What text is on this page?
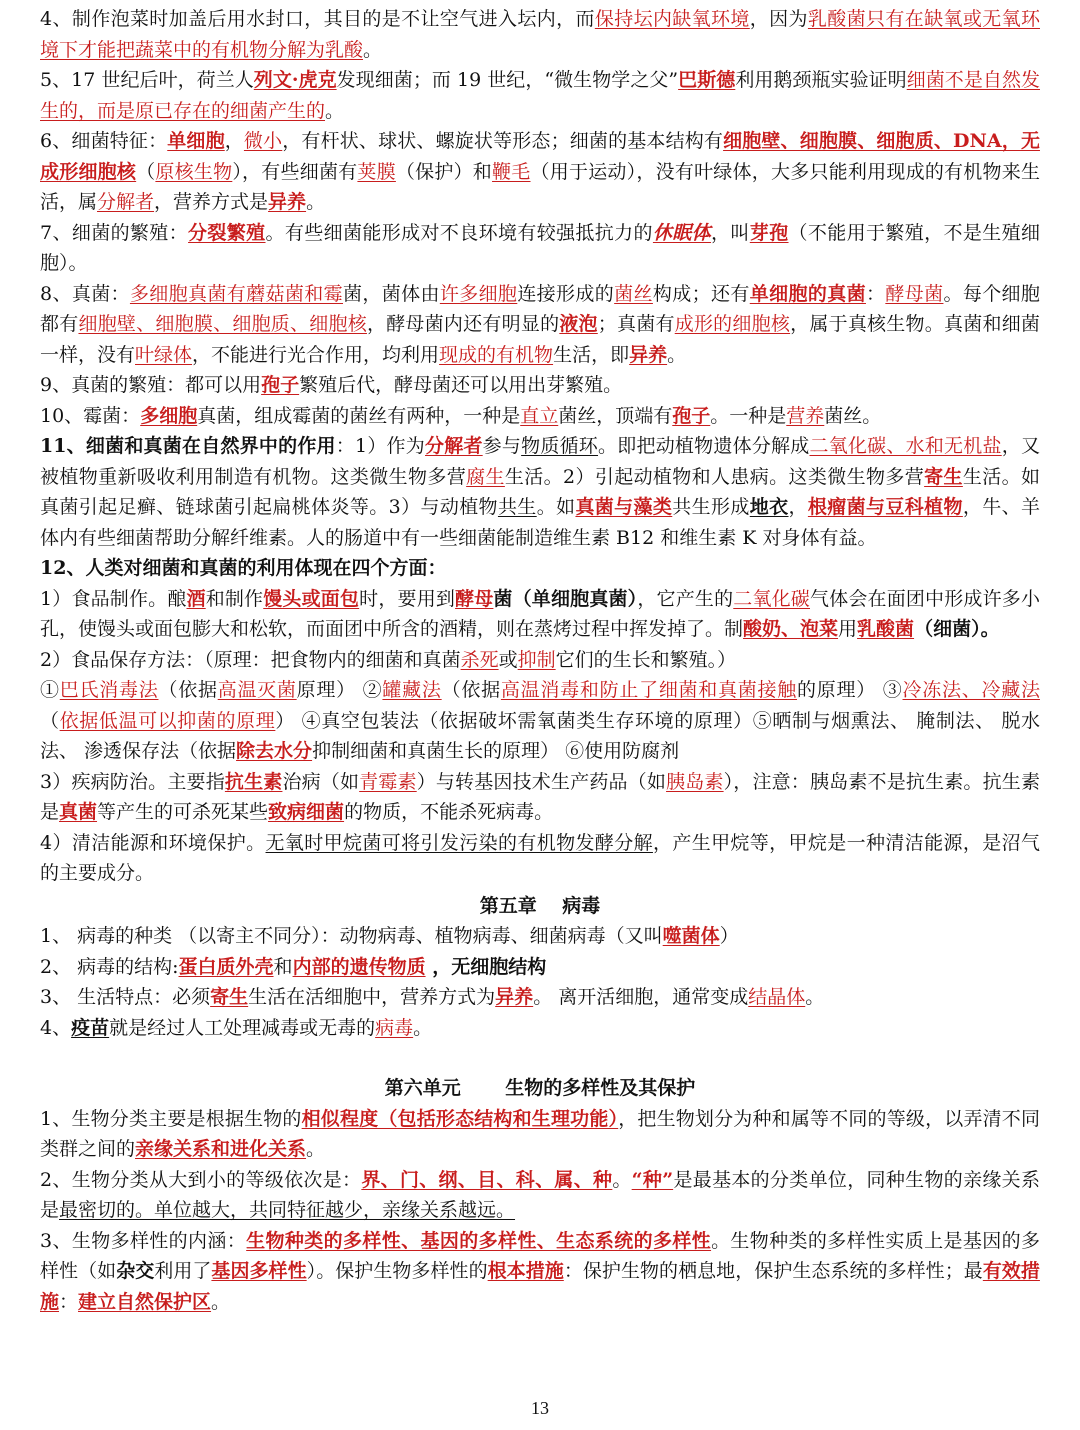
4、制作泡菜时加盖后用水封口，其目的是不让空气进入坛内，而保持坛内缺氧环境，因为乳酸菌只有在缺氧或无氧环境下才能把蔬菜中的有机物分解为乳酸。

5、17 世纪后叶，荷兰人列文·虎克发现细菌；而 19 世纪，“微生物学之父”巴斯德利用鹅颈瓶实验证明细菌不是自然发生的，而是原已存在的细菌产生的。

6、细菌特征：单细胞，微小，有杆状、球状、螺旋状等形态；细菌的基本结构有细胞壁、细胞膜、细胞质、DNA，无成形细胞核（原核生物），有些细菌有荚膜（保护）和鞭毛（用于运动），没有叶绿体，大多只能利用现成的有机物来生活，属分解者，营养方式是异养。

7、细菌的繁殖：分裂繁殖。有些细菌能形成对不良环境有较强抵抗力的休眠体，叫芽孢（不能用于繁殖，不是生殖细胞）。

8、真菌：多细胞真菌有蘑菇菌和霉菌，菌体由许多细胞连接形成的菌丝构成；还有单细胞的真菌：酵母菌。每个细胞都有细胞壁、细胞膜、细胞质、细胞核，酵母菌内还有明显的液泡；真菌有成形的细胞核，属于真核生物。真菌和细菌一样，没有叶绿体，不能进行光合作用，均利用现成的有机物生活，即异养。

9、真菌的繁殖：都可以用孢子繁殖后代，酵母菌还可以用出芽繁殖。

10、霉菌：多细胞真菌，组成霉菌的菌丝有两种，一种是直立菌丝，顶端有孢子。一种是营养菌丝。

11、细菌和真菌在自然界中的作用：1）作为分解者参与物质循环。即把动植物遗体分解成二氧化碳、水和无机盐，又被植物重新吸收利用制造有机物。这类微生物多营腐生生活。2）引起动植物和人患病。这类微生物多营寄生生活。如真菌引起足癣、链球菌引起扁桃体炎等。3）与动植物共生。如真菌与藻类共生形成地衣，根瘤菌与豆科植物，牛、羊体内有些细菌帮助分解纤维素。人的肠道中有一些细菌能制造维生素 B12 和维生素 K 对身体有益。

12、人类对细菌和真菌的利用体现在四个方面：

1）食品制作。酿酒和制作馒头或面包时，要用到酵母菌（单细胞真菌），它产生的二氧化碳气体会在面团中形成许多小孔，使馒头或面包膨大和松软，而面团中所含的酒精，则在蒸烤过程中挥发掉了。制酸奶、泡菜用乳酸菌（细菌）。

2）食品保存方法：（原理：把食物内的细菌和真菌杀死或抑制它们的生长和繁殖。）

①巴氏消毒法（依据高温灭菌原理） ②罐藏法（依据高温消毒和防止了细菌和真菌接触的原理） ③冷冻法、冷藏法（依据低温可以抑菌的原理） ④真空包装法（依据破坏需氧菌类生存环境的原理）⑤晒制与烟熏法、 腌制法、 脱水法、 渗透保存法（依据除去水分抑制细菌和真菌生长的原理） ⑥使用防腐剂

3）疾病防治。主要指抗生素治病（如青霉素）与转基因技术生产药品（如胰岛素），注意：胰岛素不是抗生素。抗生素是真菌等产生的可杀死某些致病细菌的物质，不能杀死病毒。

4）清洁能源和环境保护。无氧时甲烷菌可将引发污染的有机物发酵分解，产生甲烷等，甲烷是一种清洁能源，是沼气的主要成分。

第五章　 病毒

1、 病毒的种类 （以寄主不同分）：动物病毒、植物病毒、细菌病毒（又叫噬菌体）

2、 病毒的结构:蛋白质外壳和内部的遗传物质 ，无细胞结构

3、 生活特点：必须寄生生活在活细胞中，营养方式为异养。 离开活细胞，通常变成结晶体。

4、疫苗就是经过人工处理减毒或无毒的病毒。

第六单元　　 生物的多样性及其保护

1、生物分类主要是根据生物的相似程度（包括形态结构和生理功能），把生物划分为种和属等不同的等级，以弄清不同类群之间的亲缘关系和进化关系。

2、生物分类从大到小的等级依次是：界、门、纲、目、科、属、种。“种”是最基本的分类单位，同种生物的亲缘关系是最密切的。单位越大，共同特征越少，亲缘关系越远。

3、生物多样性的内涵：生物种类的多样性、基因的多样性、生态系统的多样性。生物种类的多样性实质上是基因的多样性（如杂交利用了基因多样性）。保护生物多样性的根本措施：保护生物的栖息地，保护生态系统的多样性；最有效措施：建立自然保护区。

13
